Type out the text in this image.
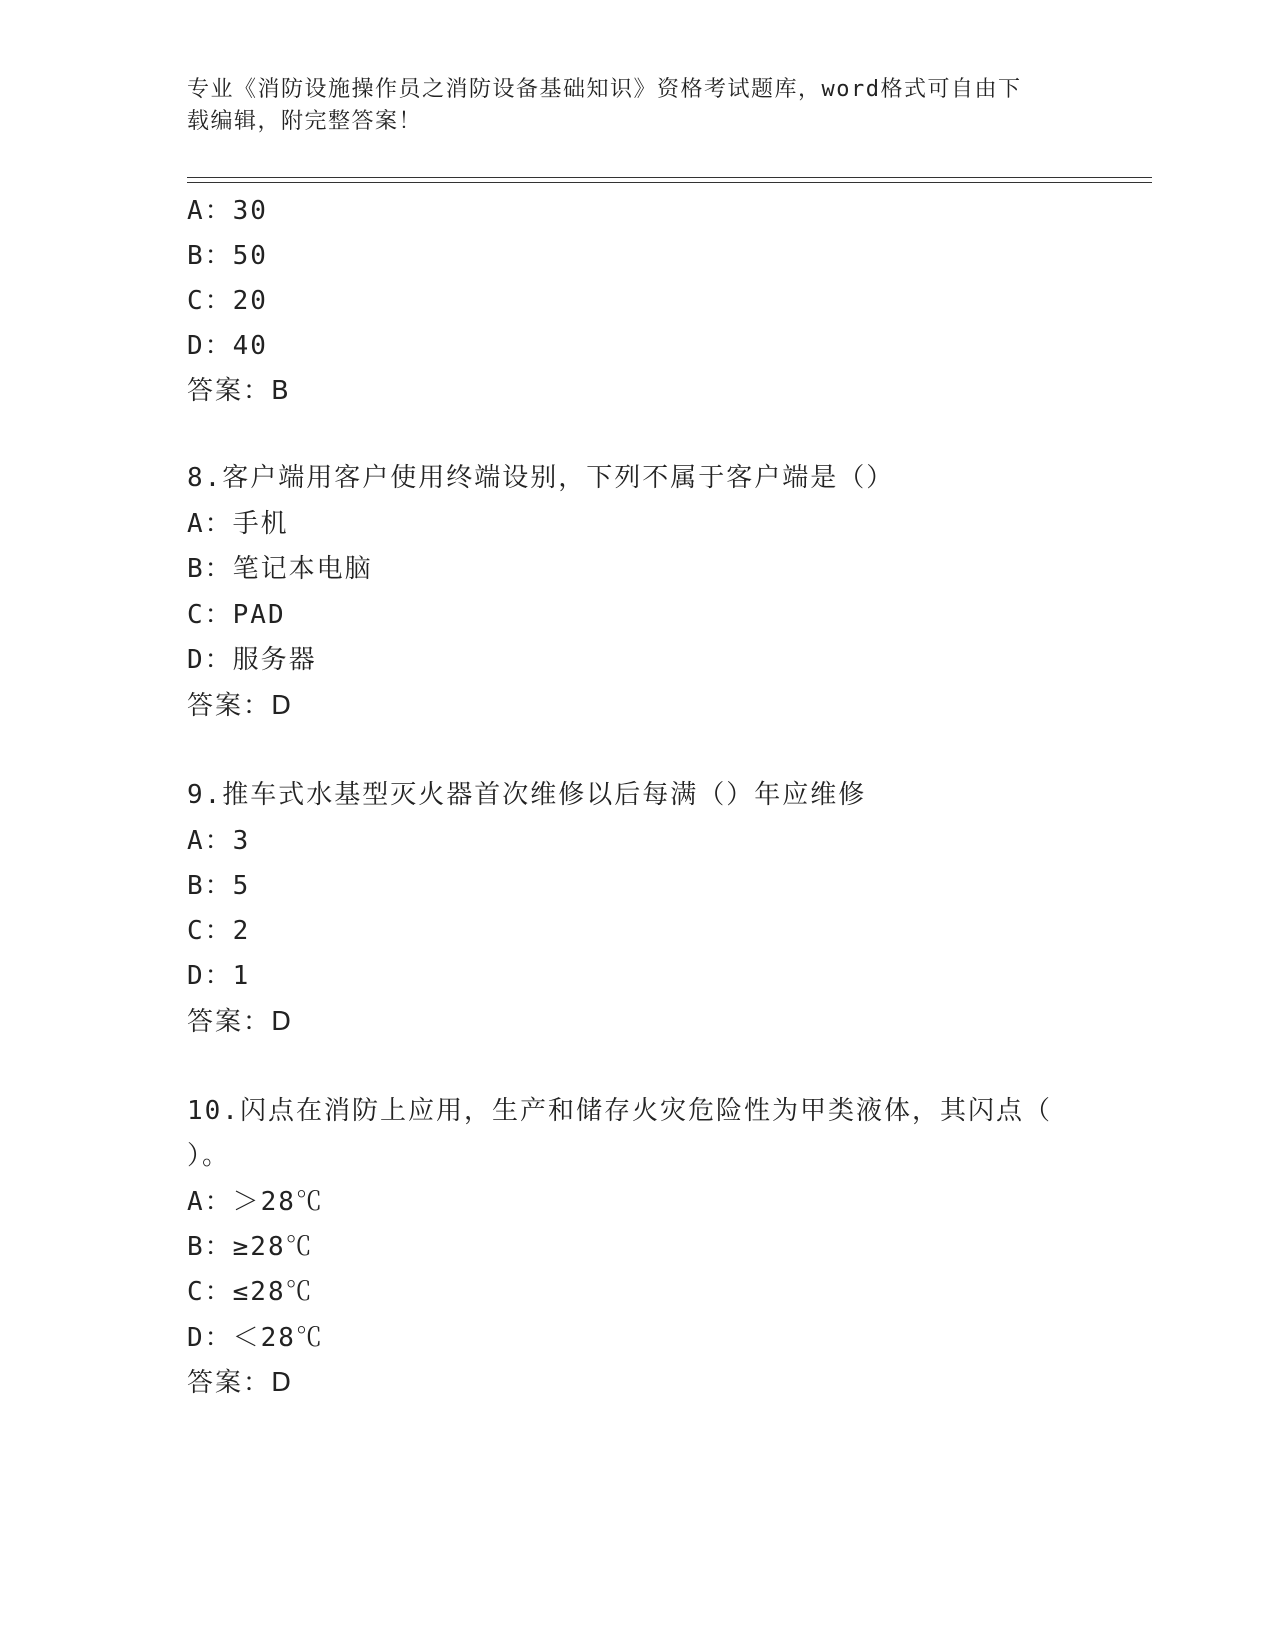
专业《消防设施操作员之消防设备基础知识》资格考试题库，word格式可自由下
载编辑，附完整答案！
A：30
B：50
C：20
D：40
答案：B
8.客户端用客户使用终端设别，下列不属于客户端是（）
A：手机
B：笔记本电脑
C：PAD
D：服务器
答案：D
9.推车式水基型灭火器首次维修以后每满（）年应维修
A：3
B：5
C：2
D：1
答案：D
10.闪点在消防上应用，生产和储存火灾危险性为甲类液体，其闪点（
）。
A：＞28℃
B：≥28℃
C：≤28℃
D：＜28℃
答案：D
